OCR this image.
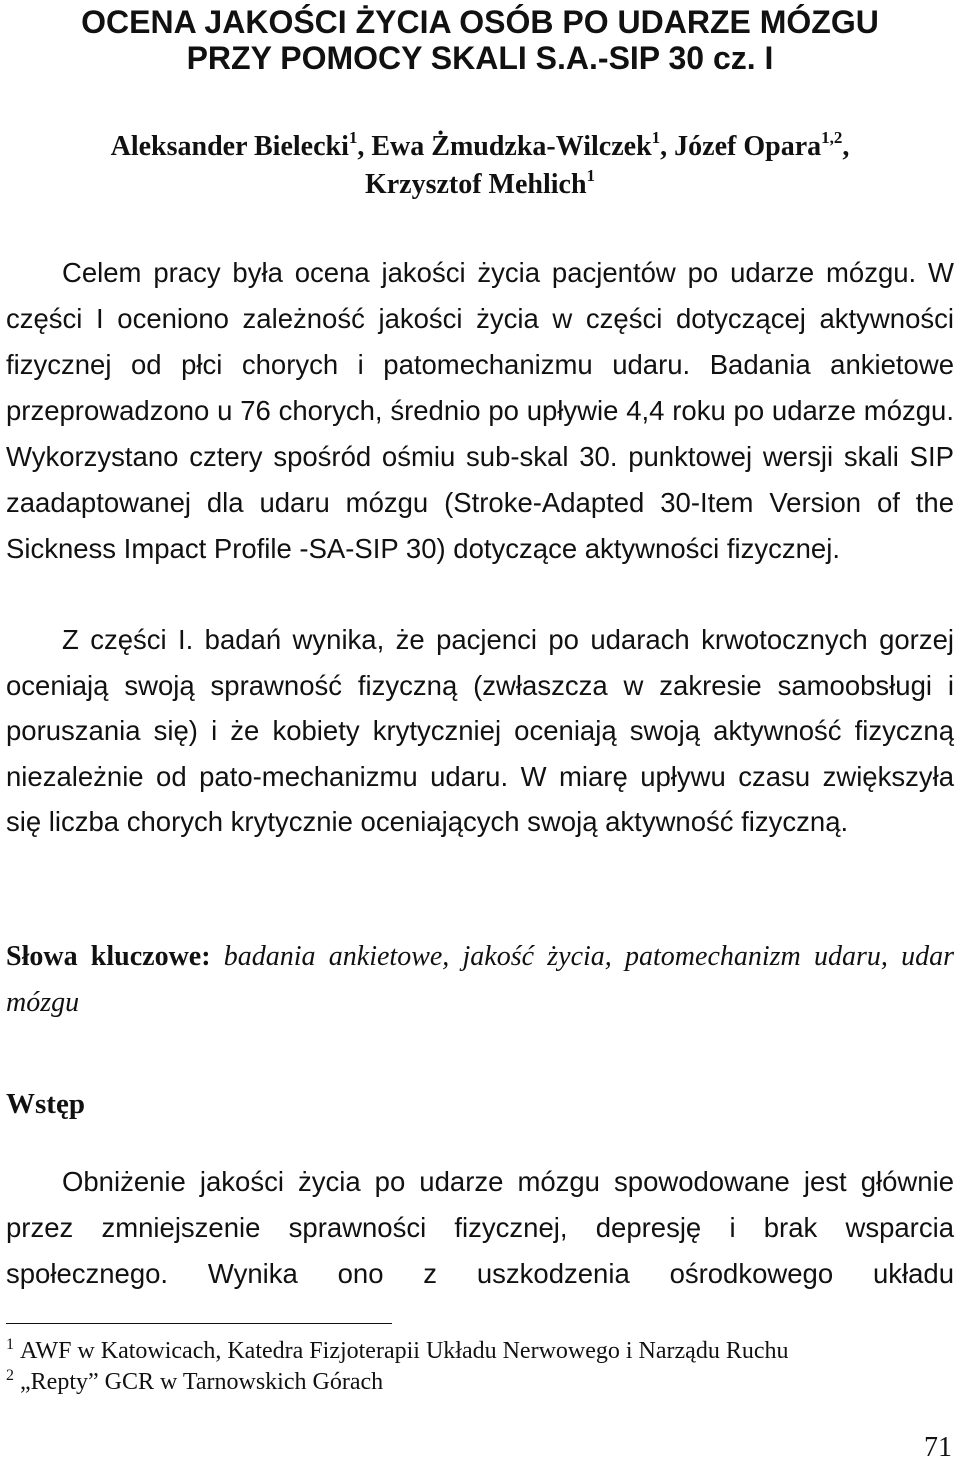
OCENA JAKOŚCI ŻYCIA OSÓB PO UDARZE MÓZGU
PRZY POMOCY SKALI S.A.-SIP 30 cz. I
Aleksander Bielecki$^1$, Ewa Żmudzka-Wilczek$^1$, Józef Opara$^{1,2}$,
Krzysztof Mehlich$^1$

Celem pracy była ocena jakości życia pacjentów po udarze mózgu. W części I oceniono zależność jakości życia w części dotyczącej aktywności fizycznej od płci chorych i patomechanizmu udaru. Badania ankietowe przeprowadzono u 76 chorych, średnio po upływie 4,4 roku po udarze mózgu. Wykorzystano cztery spośród ośmiu sub-skal 30. punktowej wersji skali SIP zaadaptowanej dla udaru mózgu (Stroke-Adapted 30-Item Version of the Sickness Impact Profile -SA-SIP 30) dotyczące aktywności fizycznej.

Z części I. badań wynika, że pacjenci po udarach krwotocznych gorzej oceniają swoją sprawność fizyczną (zwłaszcza w zakresie samoobsługi i poruszania się) i że kobiety krytyczniej oceniają swoją aktywność fizyczną niezależnie od pato-mechanizmu udaru. W miarę upływu czasu zwiększyła się liczba chorych krytycznie oceniających swoją aktywność fizyczną.

Słowa kluczowe: badania ankietowe, jakość życia, patomechanizm udaru, udar mózgu

Wstęp

Obniżenie jakości życia po udarze mózgu spowodowane jest głównie przez zmniejszenie sprawności fizycznej, depresję i brak wsparcia społecznego. Wynika ono z uszkodzenia ośrodkowego układu

$^1$ AWF w Katowicach, Katedra Fizjoterapii Układu Nerwowego i Narządu Ruchu
$^2$ „Repty” GCR w Tarnowskich Górach

71
